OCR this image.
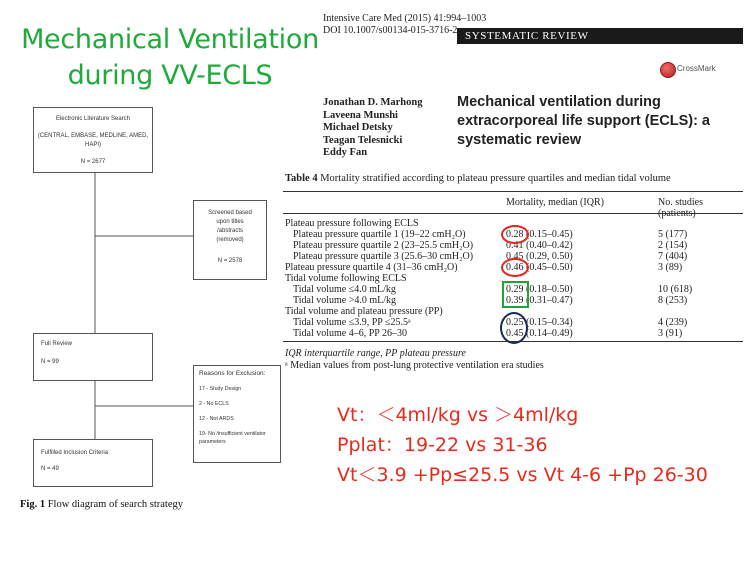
Mechanical Ventilation
during VV-ECLS
Intensive Care Med (2015) 41:994–1003
DOI 10.1007/s00134-015-3716-2 SYSTEMATIC REVIEW
CrossMark
Jonathan D. Marhong
Laveena Munshi
Michael Detsky
Teagan Telesnicki
Eddy Fan
Mechanical ventilation during extracorporeal life support (ECLS): a systematic review
Electronic Literature Search
(CENTRAL, EMBASE, MEDLINE, AMED, HAPI)
N = 2677
Screened based
upon titles
/abstracts
(removed)
N = 2578
Full Review
N = 99
Reasons for Exclusion:
17 - Study Design
2 - No ECLS
12 - Not ARDS
19- No /insufficient ventilator
parameters
Fulfilled Inclusion Criteria
N = 49
Fig. 1 Flow diagram of search strategy
Table 4 Mortality stratified according to plateau pressure quartiles and median tidal volume
Mortality, median (IQR)	No. studies (patients)
Plateau pressure following ECLS
Plateau pressure quartile 1 (19–22 cmH₂O)	0.28 (0.15–0.45)	5 (177)
Plateau pressure quartile 2 (23–25.5 cmH₂O)	0.41 (0.40–0.42)	2 (154)
Plateau pressure quartile 3 (25.6–30 cmH₂O)	0.45 (0.29, 0.50)	7 (404)
Plateau pressure quartile 4 (31–36 cmH₂O)	0.46 (0.45–0.50)	3 (89)
Tidal volume following ECLS
Tidal volume ≤4.0 mL/kg	0.29 (0.18–0.50)	10 (618)
Tidal volume >4.0 mL/kg	0.39 (0.31–0.47)	8 (253)
Tidal volume and plateau pressure (PP)
Tidal volume ≤3.9, PP ≤25.5ᵃ	0.25 (0.15–0.34)	4 (239)
Tidal volume 4–6, PP 26–30	0.45 (0.14–0.49)	3 (91)
IQR interquartile range, PP plateau pressure
ᵃ Median values from post-lung protective ventilation era studies
Vt：＜4ml/kg vs ＞4ml/kg
Pplat：19-22 vs 31-36
Vt＜3.9 +Pp≤25.5 vs Vt 4-6 +Pp 26-30
